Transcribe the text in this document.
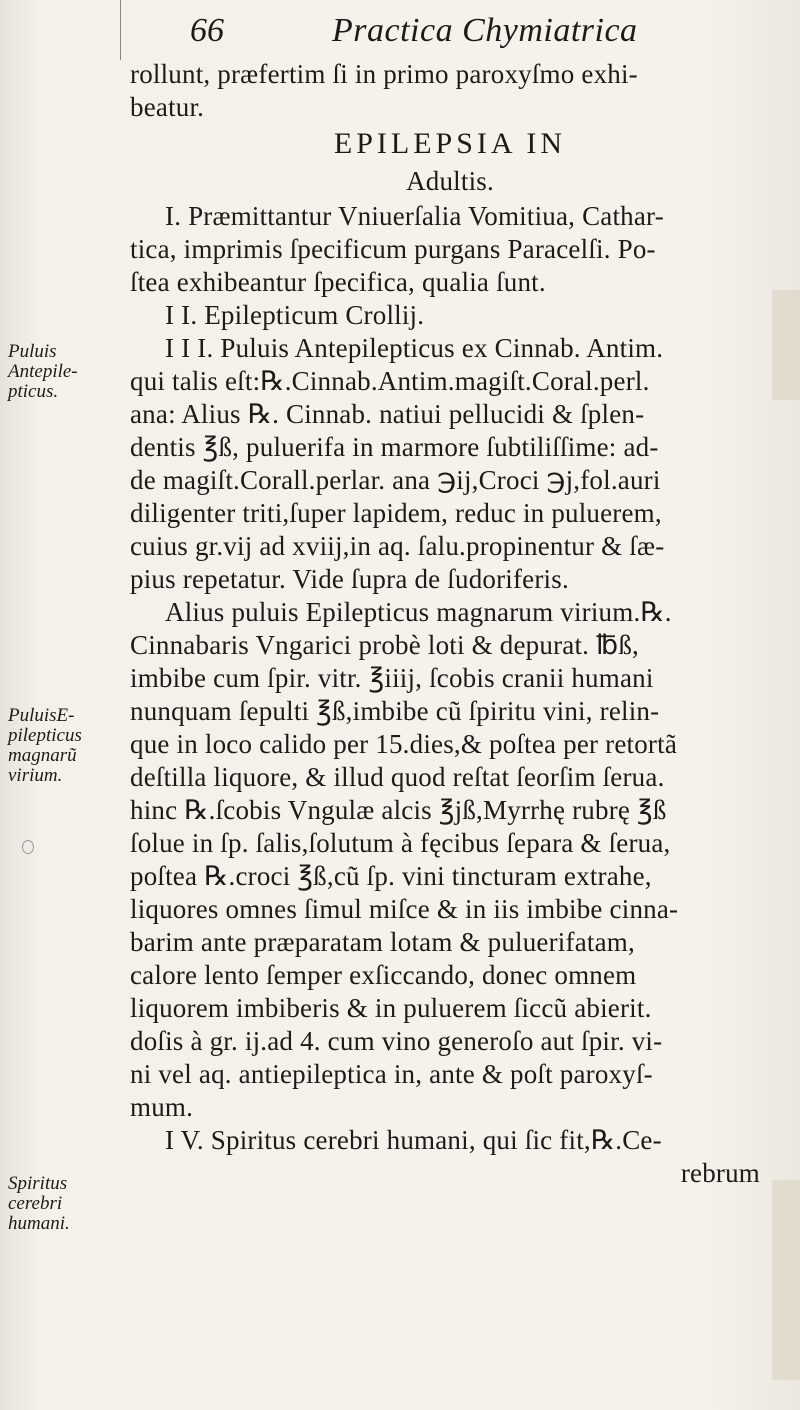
66	Practica Chymiatrica
rollunt, præfertim ſi in primo paroxyſmo exhi-
beatur.
EPILEPSIA IN
Adultis.
I. Præmittantur Vniuerſalia Vomitiua, Cathar-
tica, imprimis ſpecificum purgans Paracelſi. Po-
ſtea exhibeantur ſpecifica, qualia ſunt.
I I. Epilepticum Crollij.
I I I. Puluis Antepilepticus ex Cinnab. Antim.
qui talis eſt:℞.Cinnab.Antim.magiſt.Coral.perl.
ana: Alius ℞. Cinnab. natiui pellucidi & ſplen-
dentis ℥ß, puluerifa in marmore ſubtiliſſime: ad-
de magiſt.Corall.perlar. ana ℈ij,Croci ℈j,fol.auri
diligenter triti,ſuper lapidem, reduc in puluerem,
cuius gr.vij ad xviij,in aq. ſalu.propinentur & ſæ-
pius repetatur. Vide ſupra de ſudoriferis.
Alius puluis Epilepticus magnarum virium.℞.
Cinnabaris Vngarici probè loti & depurat. ℔ß,
imbibe cum ſpir. vitr. ℥iiij, ſcobis cranii humani
nunquam ſepulti ℥ß,imbibe cũ ſpiritu vini, relin-
que in loco calido per 15.dies,& poſtea per retortã
deſtilla liquore, & illud quod reſtat ſeorſim ſerua.
hinc ℞.ſcobis Vngulæ alcis ℥jß,Myrrhę rubrę ℥ß
ſolue in ſp. ſalis,ſolutum à fęcibus ſepara & ſerua,
poſtea ℞.croci ℥ß,cũ ſp. vini tincturam extrahe,
liquores omnes ſimul miſce & in iis imbibe cinna-
barim ante præparatam lotam & puluerifatam,
calore lento ſemper exſiccando, donec omnem
liquorem imbiberis & in puluerem ſiccũ abierit.
doſis à gr. ij.ad 4. cum vino generoſo aut ſpir. vi-
ni vel aq. antiepileptica in, ante & poſt paroxyſ-
mum.
I V. Spiritus cerebri humani, qui ſic fit,℞.Ce-
rebrum
Puluis
Antepile-
pticus.
PuluisE-
pilepticus
magnarũ
virium.
Spiritus
cerebri
humani.
